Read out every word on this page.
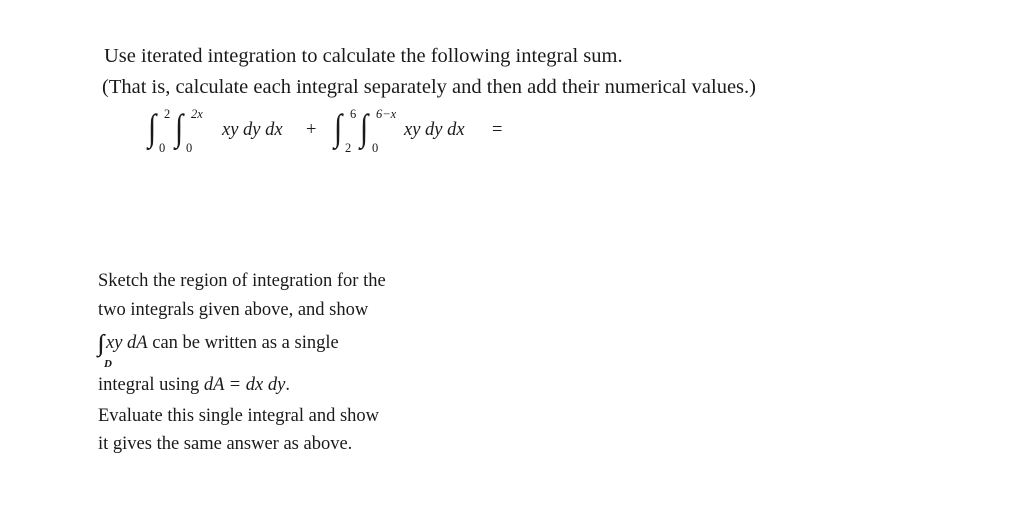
Use iterated integration to calculate the following integral sum.
(That is, calculate each integral separately and then add their numerical values.)
∫ 2
0 ∫ 2x
0
xy dy dx + ∫ 6
2 ∫ 6−x
0
xy dy dx =
Sketch the region of integration for the
two integrals given above, and show
xy dA can be written as a single
D
integral using dA = dx dy.
Evaluate this single integral and show
it gives the same answer as above.
